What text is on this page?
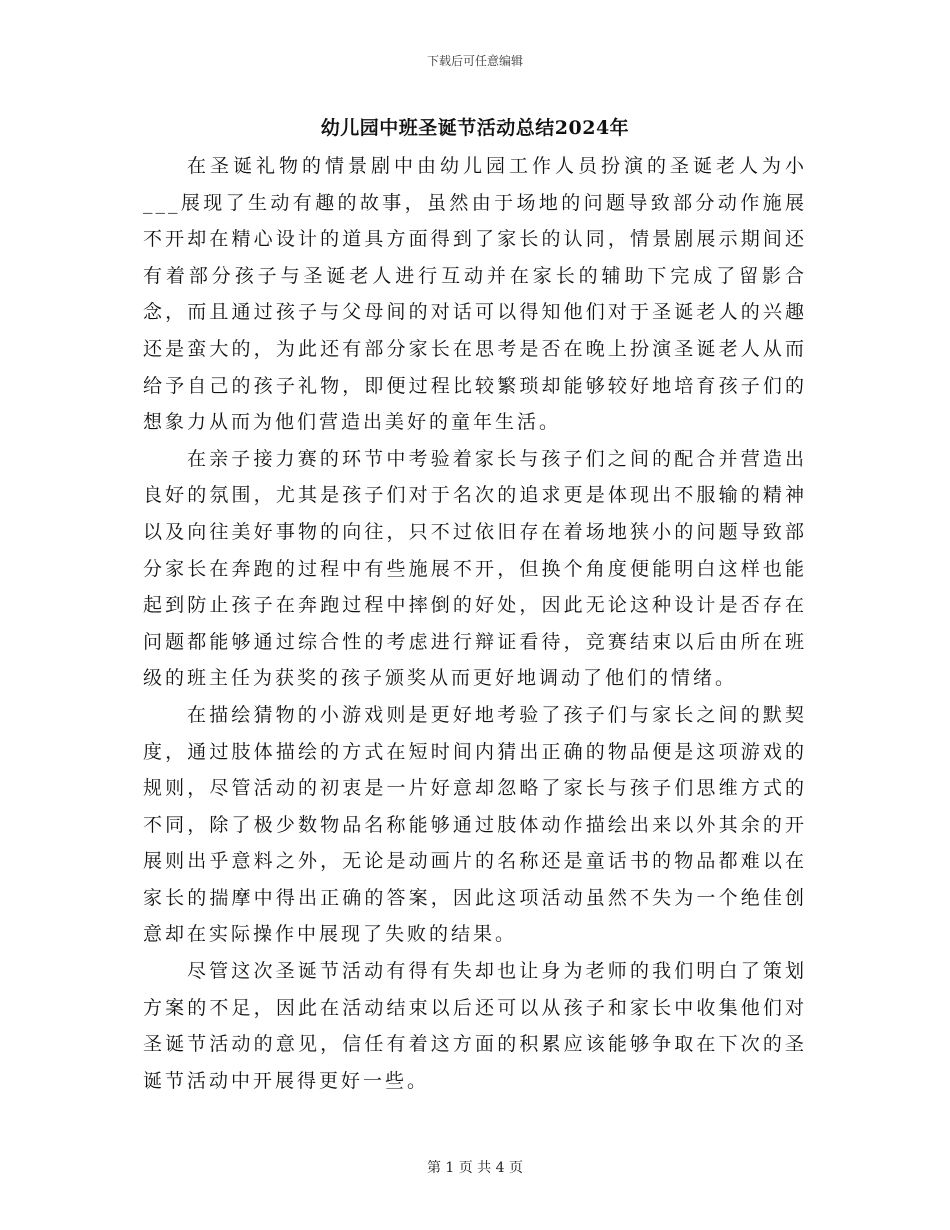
下载后可任意编辑
幼儿园中班圣诞节活动总结2024年

在圣诞礼物的情景剧中由幼儿园工作人员扮演的圣诞老人为小___展现了生动有趣的故事，虽然由于场地的问题导致部分动作施展不开却在精心设计的道具方面得到了家长的认同，情景剧展示期间还有着部分孩子与圣诞老人进行互动并在家长的辅助下完成了留影合念，而且通过孩子与父母间的对话可以得知他们对于圣诞老人的兴趣还是蛮大的，为此还有部分家长在思考是否在晚上扮演圣诞老人从而给予自己的孩子礼物，即便过程比较繁琐却能够较好地培育孩子们的想象力从而为他们营造出美好的童年生活。

在亲子接力赛的环节中考验着家长与孩子们之间的配合并营造出良好的氛围，尤其是孩子们对于名次的追求更是体现出不服输的精神以及向往美好事物的向往，只不过依旧存在着场地狭小的问题导致部分家长在奔跑的过程中有些施展不开，但换个角度便能明白这样也能起到防止孩子在奔跑过程中摔倒的好处，因此无论这种设计是否存在问题都能够通过综合性的考虑进行辩证看待，竞赛结束以后由所在班级的班主任为获奖的孩子颁奖从而更好地调动了他们的情绪。

在描绘猜物的小游戏则是更好地考验了孩子们与家长之间的默契度，通过肢体描绘的方式在短时间内猜出正确的物品便是这项游戏的规则，尽管活动的初衷是一片好意却忽略了家长与孩子们思维方式的不同，除了极少数物品名称能够通过肢体动作描绘出来以外其余的开展则出乎意料之外，无论是动画片的名称还是童话书的物品都难以在家长的揣摩中得出正确的答案，因此这项活动虽然不失为一个绝佳创意却在实际操作中展现了失败的结果。

尽管这次圣诞节活动有得有失却也让身为老师的我们明白了策划方案的不足，因此在活动结束以后还可以从孩子和家长中收集他们对圣诞节活动的意见，信任有着这方面的积累应该能够争取在下次的圣诞节活动中开展得更好一些。

第 1 页 共 4 页
